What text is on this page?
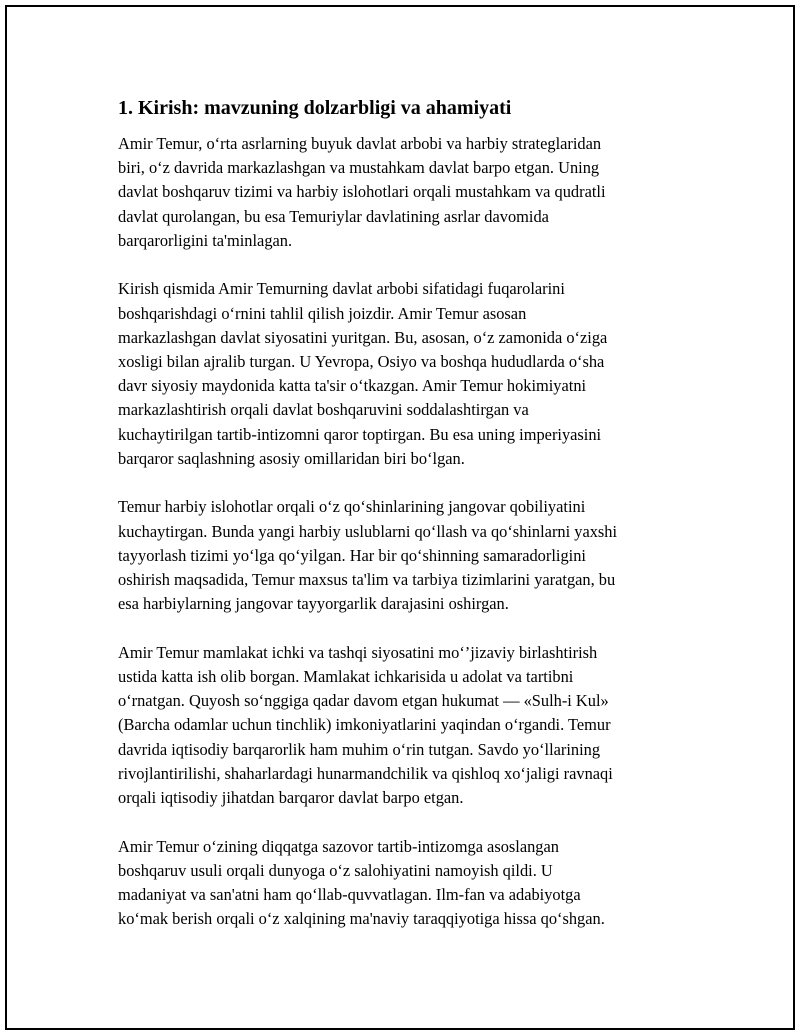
1. Kirish: mavzuning dolzarbligi va ahamiyati

Amir Temur, o‘rta asrlarning buyuk davlat arbobi va harbiy strateglaridan
biri, o‘z davrida markazlashgan va mustahkam davlat barpo etgan. Uning
davlat boshqaruv tizimi va harbiy islohotlari orqali mustahkam va qudratli
davlat qurolangan, bu esa Temuriylar davlatining asrlar davomida
barqarorligini ta'minlagan.

Kirish qismida Amir Temurning davlat arbobi sifatidagi fuqarolarini
boshqarishdagi o‘rnini tahlil qilish joizdir. Amir Temur asosan
markazlashgan davlat siyosatini yuritgan. Bu, asosan, o‘z zamonida o‘ziga
xosligi bilan ajralib turgan. U Yevropa, Osiyo va boshqa hududlarda o‘sha
davr siyosiy maydonida katta ta'sir o‘tkazgan. Amir Temur hokimiyatni
markazlashtirish orqali davlat boshqaruvini soddalashtirgan va
kuchaytirilgan tartib-intizomni qaror toptirgan. Bu esa uning imperiyasini
barqaror saqlashning asosiy omillaridan biri bo‘lgan.

Temur harbiy islohotlar orqali o‘z qo‘shinlarining jangovar qobiliyatini
kuchaytirgan. Bunda yangi harbiy uslublarni qo‘llash va qo‘shinlarni yaxshi
tayyorlash tizimi yo‘lga qo‘yilgan. Har bir qo‘shinning samaradorligini
oshirish maqsadida, Temur maxsus ta'lim va tarbiya tizimlarini yaratgan, bu
esa harbiylarning jangovar tayyorgarlik darajasini oshirgan.

Amir Temur mamlakat ichki va tashqi siyosatini mo‘’jizaviy birlashtirish
ustida katta ish olib borgan. Mamlakat ichkarisida u adolat va tartibni
o‘rnatgan. Quyosh so‘nggiga qadar davom etgan hukumat — «Sulh-i Kul»
(Barcha odamlar uchun tinchlik) imkoniyatlarini yaqindan o‘rgandi. Temur
davrida iqtisodiy barqarorlik ham muhim o‘rin tutgan. Savdo yo‘llarining
rivojlantirilishi, shaharlardagi hunarmandchilik va qishloq xo‘jaligi ravnaqi
orqali iqtisodiy jihatdan barqaror davlat barpo etgan.

Amir Temur o‘zining diqqatga sazovor tartib-intizomga asoslangan
boshqaruv usuli orqali dunyoga o‘z salohiyatini namoyish qildi. U
madaniyat va san'atni ham qo‘llab-quvvatlagan. Ilm-fan va adabiyotga
ko‘mak berish orqali o‘z xalqining ma'naviy taraqqiyotiga hissa qo‘shgan.
